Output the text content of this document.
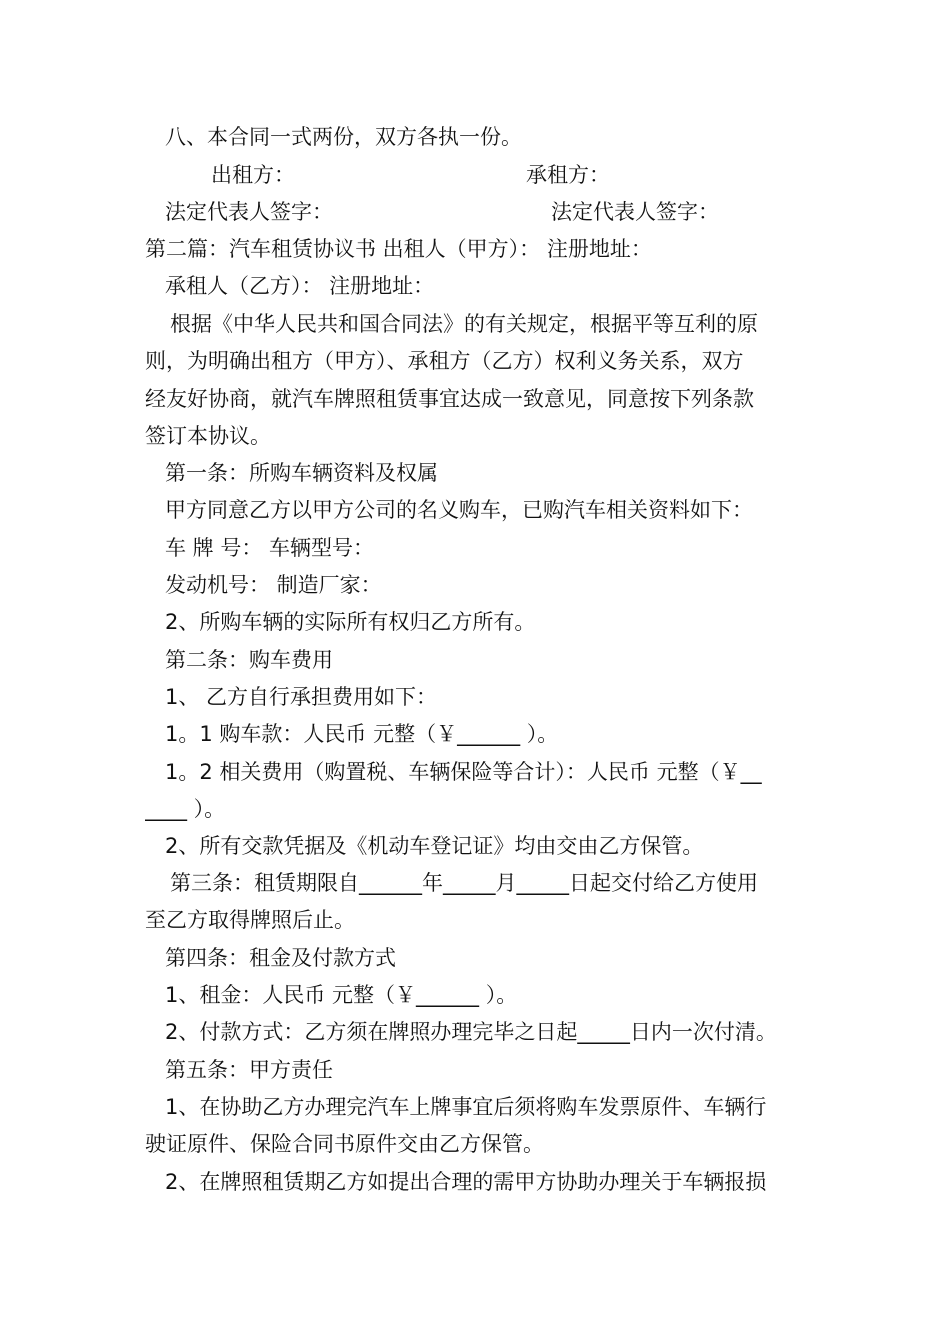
八、本合同一式两份，双方各执一份。
出租方：	承租方：
法定代表人签字：	法定代表人签字：
第二篇：汽车租赁协议书 出租人（甲方）： 注册地址：
承租人（乙方）： 注册地址：
根据《中华人民共和国合同法》的有关规定，根据平等互利的原
则，为明确出租方（甲方）、承租方（乙方）权利义务关系，双方
经友好协商，就汽车牌照租赁事宜达成一致意见，同意按下列条款
签订本协议。
第一条：所购车辆资料及权属
甲方同意乙方以甲方公司的名义购车，已购汽车相关资料如下：
车 牌 号： 车辆型号：
发动机号： 制造厂家：
2、所购车辆的实际所有权归乙方所有。
第二条：购车费用
1、 乙方自行承担费用如下：
1。1 购车款：人民币 元整（￥______ ）。
1。2 相关费用（购置税、车辆保险等合计）：人民币 元整（￥__
____ ）。
2、所有交款凭据及《机动车登记证》均由交由乙方保管。
第三条：租赁期限自______年_____月_____日起交付给乙方使用
至乙方取得牌照后止。
第四条：租金及付款方式
1、租金：人民币 元整（￥______ ）。
2、付款方式：乙方须在牌照办理完毕之日起_____日内一次付清。
第五条：甲方责任
1、在协助乙方办理完汽车上牌事宜后须将购车发票原件、车辆行
驶证原件、保险合同书原件交由乙方保管。
2、在牌照租赁期乙方如提出合理的需甲方协助办理关于车辆报损
